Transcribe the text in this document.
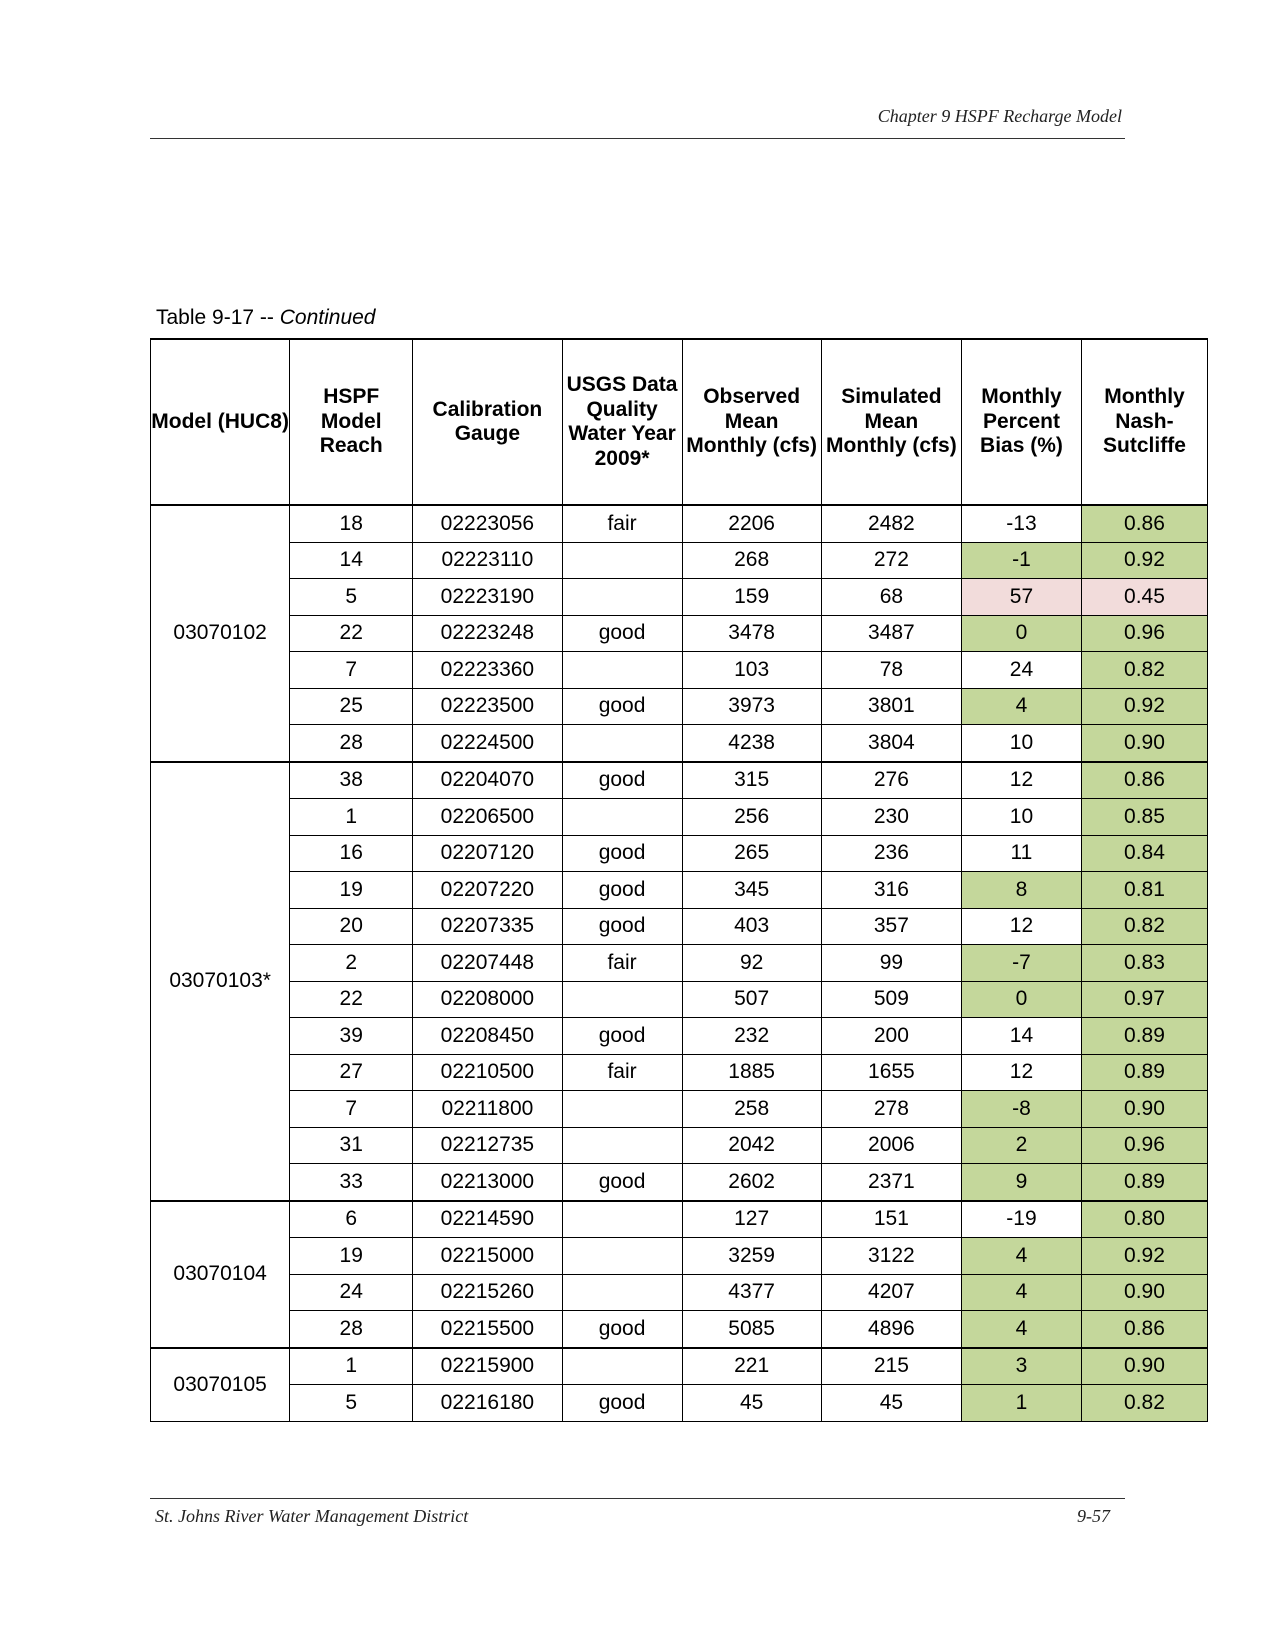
Chapter 9 HSPF Recharge Model
Table 9-17 -- Continued
Model (HUC8)	HSPF Model Reach	Calibration Gauge	USGS Data Quality Water Year 2009*	Observed Mean Monthly (cfs)	Simulated Mean Monthly (cfs)	Monthly Percent Bias (%)	Monthly Nash-Sutcliffe
03070102	18	02223056	fair	2206	2482	-13	0.86
	14	02223110		268	272	-1	0.92
	5	02223190		159	68	57	0.45
	22	02223248	good	3478	3487	0	0.96
	7	02223360		103	78	24	0.82
	25	02223500	good	3973	3801	4	0.92
	28	02224500		4238	3804	10	0.90
03070103*	38	02204070	good	315	276	12	0.86
	1	02206500		256	230	10	0.85
	16	02207120	good	265	236	11	0.84
	19	02207220	good	345	316	8	0.81
	20	02207335	good	403	357	12	0.82
	2	02207448	fair	92	99	-7	0.83
	22	02208000		507	509	0	0.97
	39	02208450	good	232	200	14	0.89
	27	02210500	fair	1885	1655	12	0.89
	7	02211800		258	278	-8	0.90
	31	02212735		2042	2006	2	0.96
	33	02213000	good	2602	2371	9	0.89
03070104	6	02214590		127	151	-19	0.80
	19	02215000		3259	3122	4	0.92
	24	02215260		4377	4207	4	0.90
	28	02215500	good	5085	4896	4	0.86
03070105	1	02215900		221	215	3	0.90
	5	02216180	good	45	45	1	0.82
St. Johns River Water Management District	9-57
